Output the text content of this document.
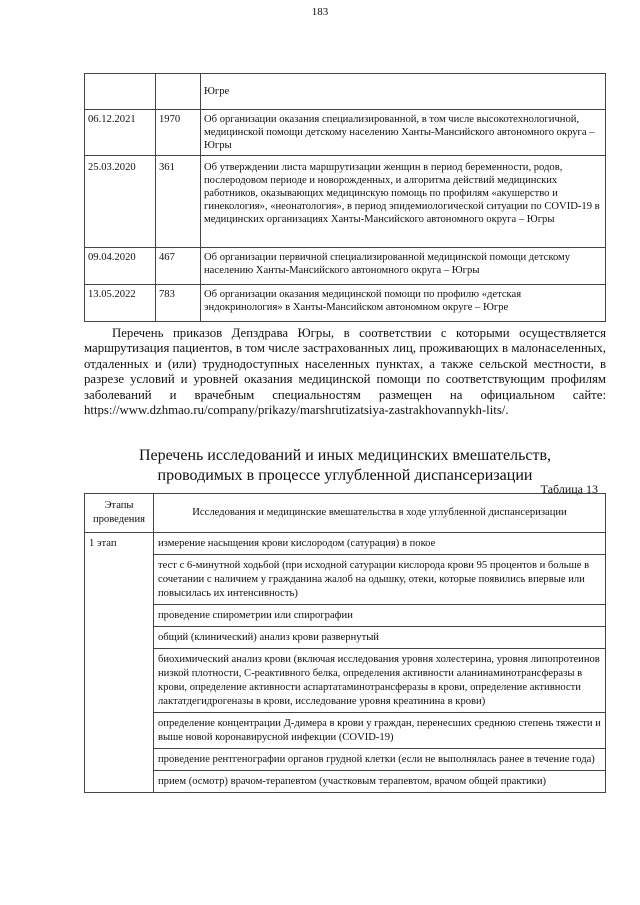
183
		Югре
06.12.2021	1970	Об организации оказания специализированной, в том числе высокотехнологичной, медицинской помощи детскому населению Ханты-Мансийского автономного округа – Югры
25.03.2020	361	Об утверждении листа маршрутизации женщин в период беременности, родов, послеродовом периоде и новорожденных, и алгоритма действий медицинских работников, оказывающих медицинскую помощь по профилям «акушерство и гинекология», «неонатология», в период эпидемиологической ситуации по COVID-19 в медицинских организациях Ханты-Мансийского автономного округа – Югры
09.04.2020	467	Об организации первичной специализированной медицинской помощи детскому населению Ханты-Мансийского автономного округа – Югры
13.05.2022	783	Об организации оказания медицинской помощи по профилю «детская эндокринология» в Ханты-Мансийском автономном округе – Югре

Перечень приказов Депздрава Югры, в соответствии с которыми осуществляется маршрутизация пациентов, в том числе застрахованных лиц, проживающих в малонаселенных, отдаленных и (или) труднодоступных населенных пунктах, а также сельской местности, в разрезе условий и уровней оказания медицинской помощи по соответствующим профилям заболеваний и врачебным специальностям размещен на официальном сайте: https://www.dzhmao.ru/company/prikazy/marshrutizatsiya-zastrakhovannykh-lits/.

Перечень исследований и иных медицинских вмешательств,
проводимых в процессе углубленной диспансеризации
Таблица 13
Этапы проведения	Исследования и медицинские вмешательства в ходе углубленной диспансеризации
1 этап	измерение насыщения крови кислородом (сатурация) в покое
	тест с 6-минутной ходьбой (при исходной сатурации кислорода крови 95 процентов и больше в сочетании с наличием у гражданина жалоб на одышку, отеки, которые появились впервые или повысилась их интенсивность)
	проведение спирометрии или спирографии
	общий (клинический) анализ крови развернутый
	биохимический анализ крови (включая исследования уровня холестерина, уровня липопротеинов низкой плотности, С-реактивного белка, определения активности аланинаминотрансферазы в крови, определение активности аспартатаминотрансферазы в крови, определение активности лактатдегидрогеназы в крови, исследование уровня креатинина в крови)
	определение концентрации Д-димера в крови у граждан, перенесших среднюю степень тяжести и выше новой коронавирусной инфекции (COVID-19)
	проведение рентгенографии органов грудной клетки (если не выполнялась ранее в течение года)
	прием (осмотр) врачом-терапевтом (участковым терапевтом, врачом общей практики)
